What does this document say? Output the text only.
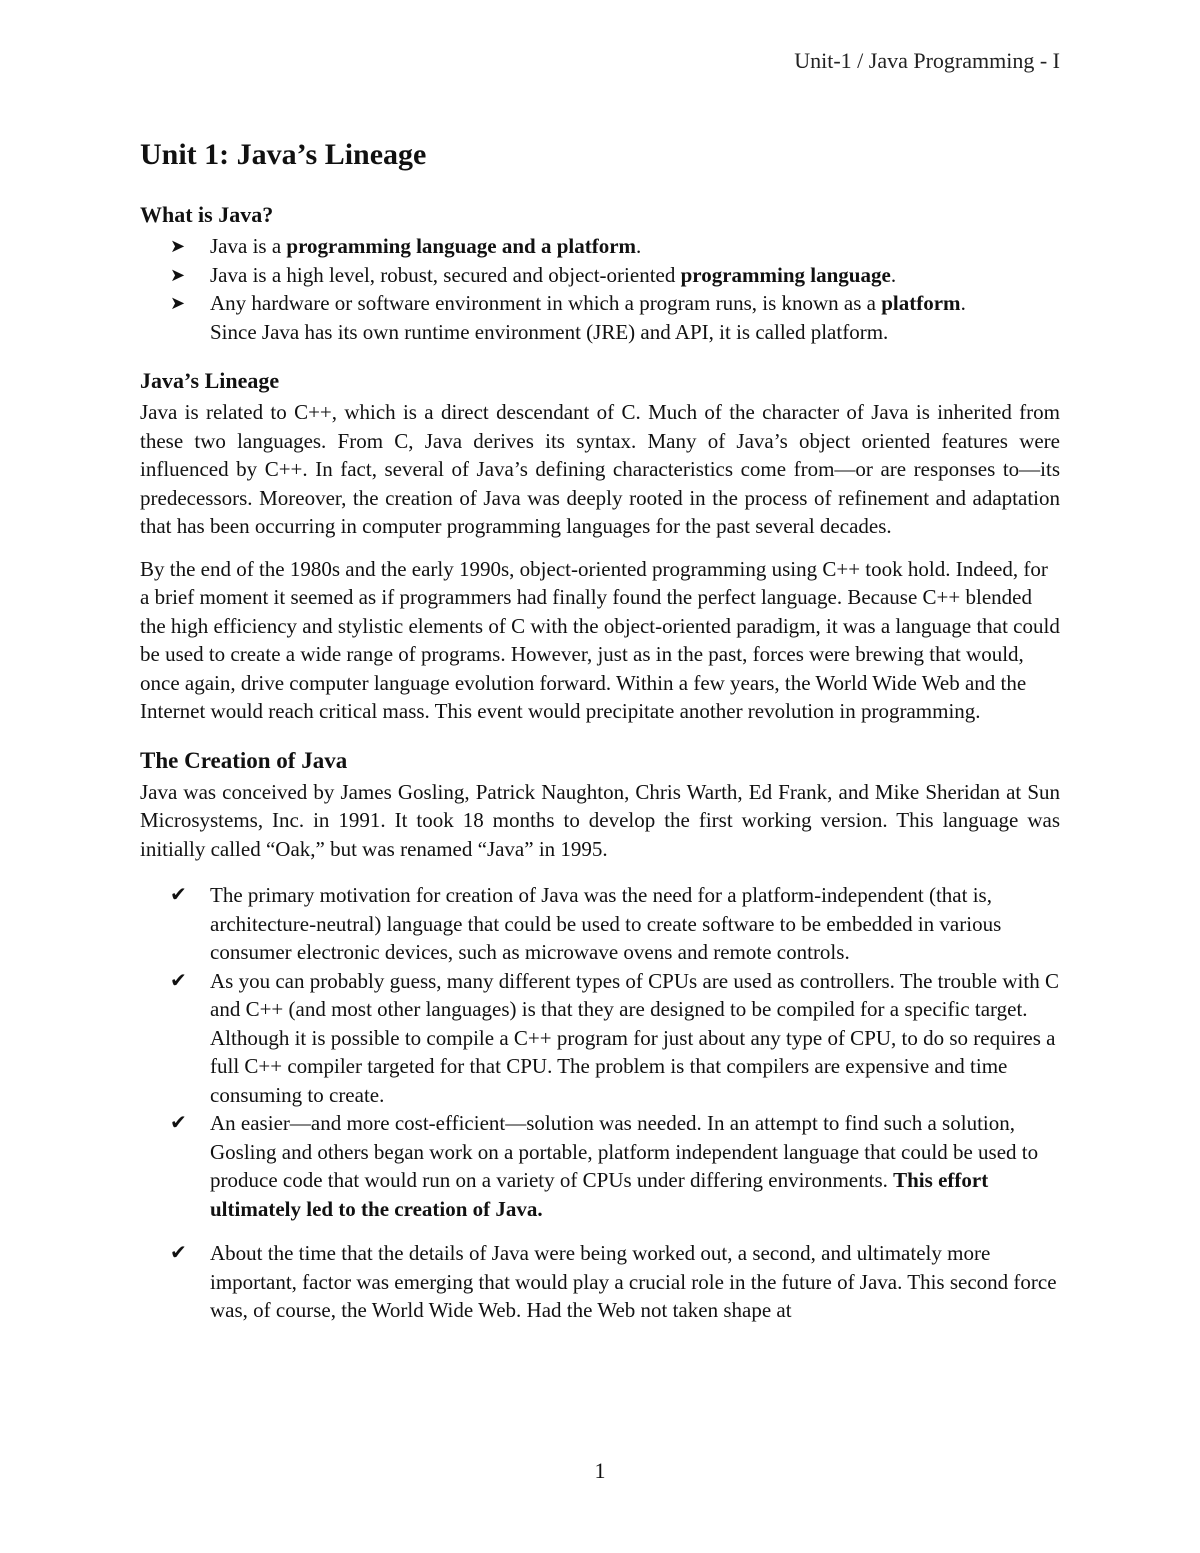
Unit-1 / Java Programming - I
Unit 1: Java’s Lineage
What is Java?
➤ Java is a programming language and a platform.
➤ Java is a high level, robust, secured and object-oriented programming language.
➤ Any hardware or software environment in which a program runs, is known as a platform.
Since Java has its own runtime environment (JRE) and API, it is called platform.
Java’s Lineage

Java is related to C++, which is a direct descendant of C. Much of the character of Java is inherited from these two languages. From C, Java derives its syntax. Many of Java’s object oriented features were influenced by C++. In fact, several of Java’s defining characteristics come from—or are responses to—its predecessors. Moreover, the creation of Java was deeply rooted in the process of refinement and adaptation that has been occurring in computer programming languages for the past several decades.

By the end of the 1980s and the early 1990s, object-oriented programming using C++ took hold. Indeed, for a brief moment it seemed as if programmers had finally found the perfect language. Because C++ blended the high efficiency and stylistic elements of C with the object-oriented paradigm, it was a language that could be used to create a wide range of programs. However, just as in the past, forces were brewing that would, once again, drive computer language evolution forward. Within a few years, the World Wide Web and the Internet would reach critical mass. This event would precipitate another revolution in programming.

The Creation of Java

Java was conceived by James Gosling, Patrick Naughton, Chris Warth, Ed Frank, and Mike Sheridan at Sun Microsystems, Inc. in 1991. It took 18 months to develop the first working version. This language was initially called “Oak,” but was renamed “Java” in 1995.

✔ The primary motivation for creation of Java was the need for a platform-independent (that is, architecture-neutral) language that could be used to create software to be embedded in various consumer electronic devices, such as microwave ovens and remote controls.
✔ As you can probably guess, many different types of CPUs are used as controllers. The trouble with C and C++ (and most other languages) is that they are designed to be compiled for a specific target. Although it is possible to compile a C++ program for just about any type of CPU, to do so requires a full C++ compiler targeted for that CPU. The problem is that compilers are expensive and time consuming to create.
✔ An easier—and more cost-efficient—solution was needed. In an attempt to find such a solution, Gosling and others began work on a portable, platform independent language that could be used to produce code that would run on a variety of CPUs under differing environments. This effort ultimately led to the creation of Java.
✔ About the time that the details of Java were being worked out, a second, and ultimately more important, factor was emerging that would play a crucial role in the future of Java. This second force was, of course, the World Wide Web. Had the Web not taken shape at
1
